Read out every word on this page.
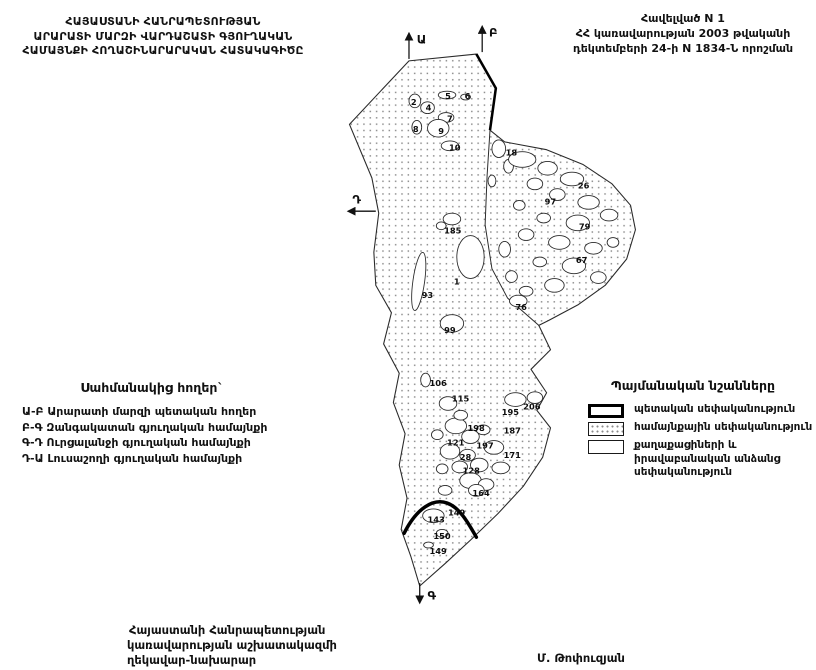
ՀԱՅԱՍՏԱՆԻ ՀԱՆՐԱՊԵՏՈՒԹՅԱՆ
ԱՐԱՐԱՏԻ ՄԱՐԶԻ ՎԱՐԴԱՇԱՏԻ ԳՅՈՒՂԱԿԱՆ
ՀԱՄԱՅՆՔԻ ՀՈՂԱՇԻՆԱՐԱՐԱԿԱՆ ՀԱՏԱԿԱԳԻԾԸ
Հավելված N 1
ՀՀ կառավարության 2003 թվականի
դեկտեմբերի 24-ի N 1834-Ն որոշման
Սահմանակից հողեր`
Ա-Բ Արարատի մարզի պետական հողեր
Բ-Գ Զանգակատան գյուղական համայնքի
Գ-Դ Ուրցալանջի գյուղական համայնքի
Դ-Ա Լուսաշողի գյուղական համայնքի
Պայմանական նշանները
պետական սեփականություն
համայնքային սեփականություն
քաղաքացիների և իրավաբանական անձանց սեփականություն
Հայաստանի Հանրապետության
կառավարության աշխատակազմի
ղեկավար-նախարար	Մ. Թոփուզյան
Ա	Բ
Դ
Գ
2
4
5 6
7
8 9
10	18
26
97
79
67
76
185
1
93
99
106
115
195
206
198 187
121 197
171
28
128
164
149
143
150
149
